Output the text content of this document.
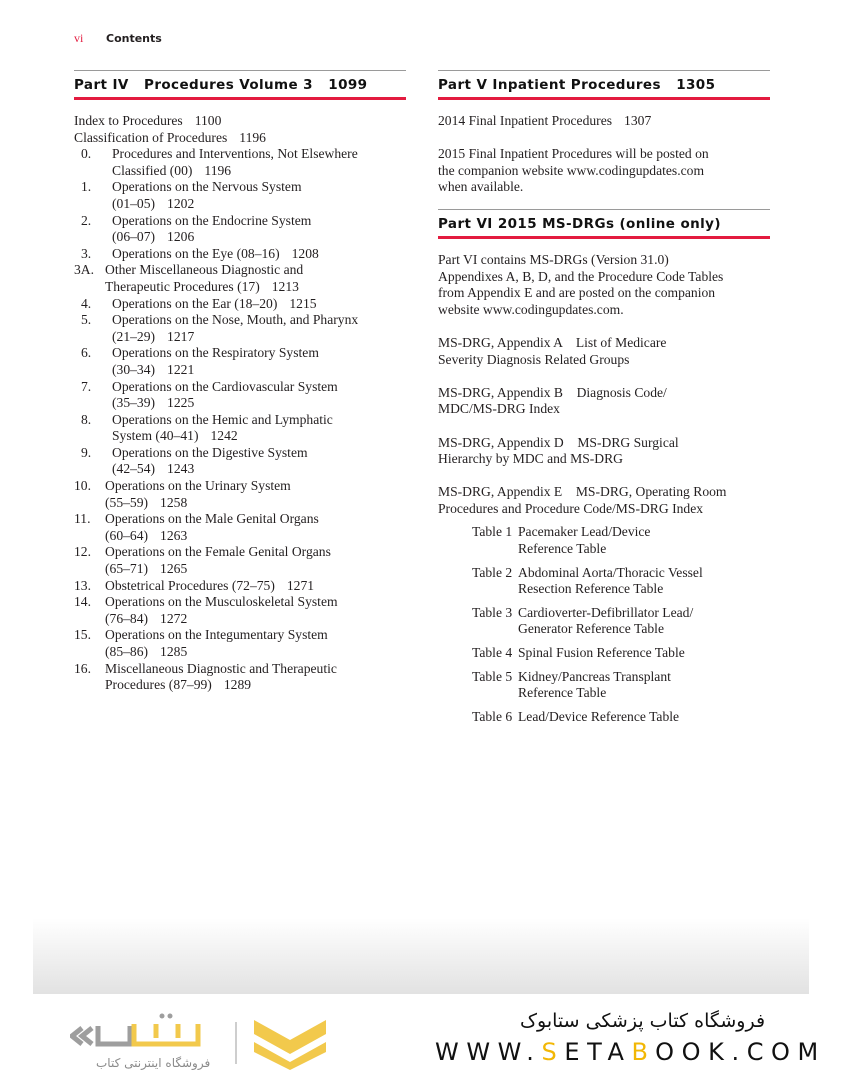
vi	Contents
Part IV   Procedures Volume 3   1099
Index to Procedures 1100
Classification of Procedures 1196
0.	Procedures and Interventions, Not Elsewhere
Classified (00) 1196
1.	Operations on the Nervous System
(01–05) 1202
2.	Operations on the Endocrine System
(06–07) 1206
3.	Operations on the Eye (08–16) 1208
3A. Other Miscellaneous Diagnostic and
Therapeutic Procedures (17) 1213
4.	Operations on the Ear (18–20) 1215
5.	Operations on the Nose, Mouth, and Pharynx
(21–29) 1217
6.	Operations on the Respiratory System
(30–34) 1221
7.	Operations on the Cardiovascular System
(35–39) 1225
8.	Operations on the Hemic and Lymphatic
System (40–41) 1242
9.	Operations on the Digestive System
(42–54) 1243
10.	Operations on the Urinary System
(55–59) 1258
11.	Operations on the Male Genital Organs
(60–64) 1263
12.	Operations on the Female Genital Organs
(65–71) 1265
13.	Obstetrical Procedures (72–75) 1271
14.	Operations on the Musculoskeletal System
(76–84) 1272
15.	Operations on the Integumentary System
(85–86) 1285
16.	Miscellaneous Diagnostic and Therapeutic
Procedures (87–99) 1289
Part V Inpatient Procedures   1305
2014 Final Inpatient Procedures 1307
2015 Final Inpatient Procedures will be posted on
the companion website www.codingupdates.com
when available.
Part VI 2015 MS-DRGs (online only)
Part VI contains MS-DRGs (Version 31.0)
Appendixes A, B, D, and the Procedure Code Tables
from Appendix E and are posted on the companion
website www.codingupdates.com.
MS-DRG, Appendix A    List of Medicare
Severity Diagnosis Related Groups
MS-DRG, Appendix B    Diagnosis Code/
MDC/MS-DRG Index
MS-DRG, Appendix D    MS-DRG Surgical
Hierarchy by MDC and MS-DRG
MS-DRG, Appendix E    MS-DRG, Operating Room
Procedures and Procedure Code/MS-DRG Index
Table 1 Pacemaker Lead/Device
Reference Table
Table 2 Abdominal Aorta/Thoracic Vessel
Resection Reference Table
Table 3 Cardioverter-Defibrillator Lead/
Generator Reference Table
Table 4 Spinal Fusion Reference Table
Table 5 Kidney/Pancreas Transplant
Reference Table
Table 6 Lead/Device Reference Table
فروشگاه اینترنتی کتاب
فروشگاه کتاب پزشکی ستابوک
WWW.SETABOOK.COM
